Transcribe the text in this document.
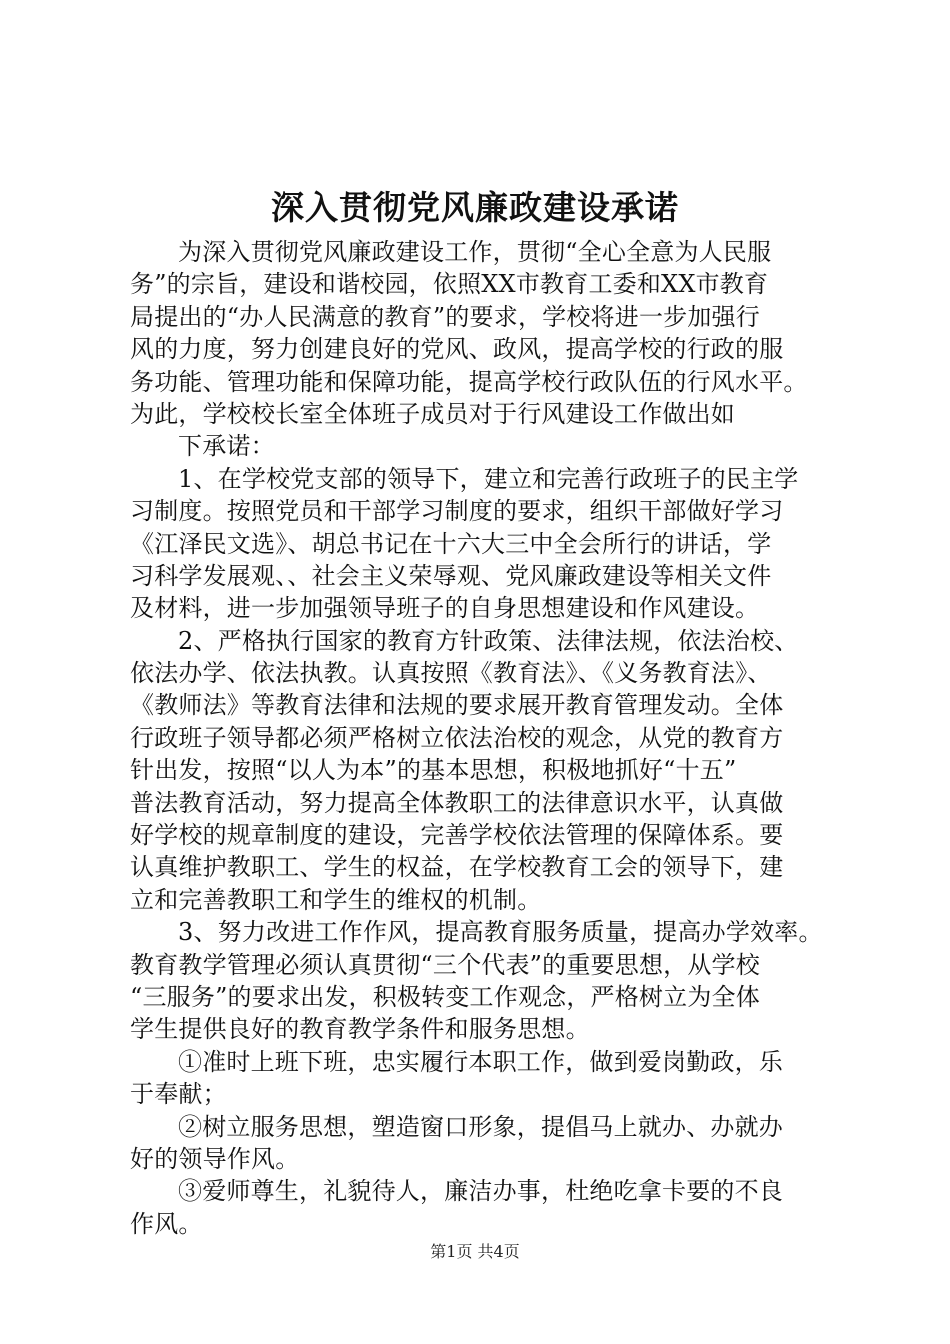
深入贯彻党风廉政建设承诺
为深入贯彻党风廉政建设工作，贯彻“全心全意为人民服
务”的宗旨，建设和谐校园，依照XX市教育工委和XX市教育
局提出的“办人民满意的教育”的要求，学校将进一步加强行
风的力度，努力创建良好的党风、政风，提高学校的行政的服
务功能、管理功能和保障功能，提高学校行政队伍的行风水平。
为此，学校校长室全体班子成员对于行风建设工作做出如
下承诺：
1、在学校党支部的领导下，建立和完善行政班子的民主学
习制度。按照党员和干部学习制度的要求，组织干部做好学习
《江泽民文选》、胡总书记在十六大三中全会所行的讲话，学
习科学发展观、、社会主义荣辱观、党风廉政建设等相关文件
及材料，进一步加强领导班子的自身思想建设和作风建设。
2、严格执行国家的教育方针政策、法律法规，依法治校、
依法办学、依法执教。认真按照《教育法》、《义务教育法》、
《教师法》等教育法律和法规的要求展开教育管理发动。全体
行政班子领导都必须严格树立依法治校的观念，从党的教育方
针出发，按照“以人为本”的基本思想，积极地抓好“十五”
普法教育活动，努力提高全体教职工的法律意识水平，认真做
好学校的规章制度的建设，完善学校依法管理的保障体系。要
认真维护教职工、学生的权益，在学校教育工会的领导下，建
立和完善教职工和学生的维权的机制。
3、努力改进工作作风，提高教育服务质量，提高办学效率。
教育教学管理必须认真贯彻“三个代表”的重要思想，从学校
“三服务”的要求出发，积极转变工作观念，严格树立为全体
学生提供良好的教育教学条件和服务思想。
①准时上班下班，忠实履行本职工作，做到爱岗勤政，乐
于奉献；
②树立服务思想，塑造窗口形象，提倡马上就办、办就办
好的领导作风。
③爱师尊生，礼貌待人，廉洁办事，杜绝吃拿卡要的不良
作风。
第1页 共4页
